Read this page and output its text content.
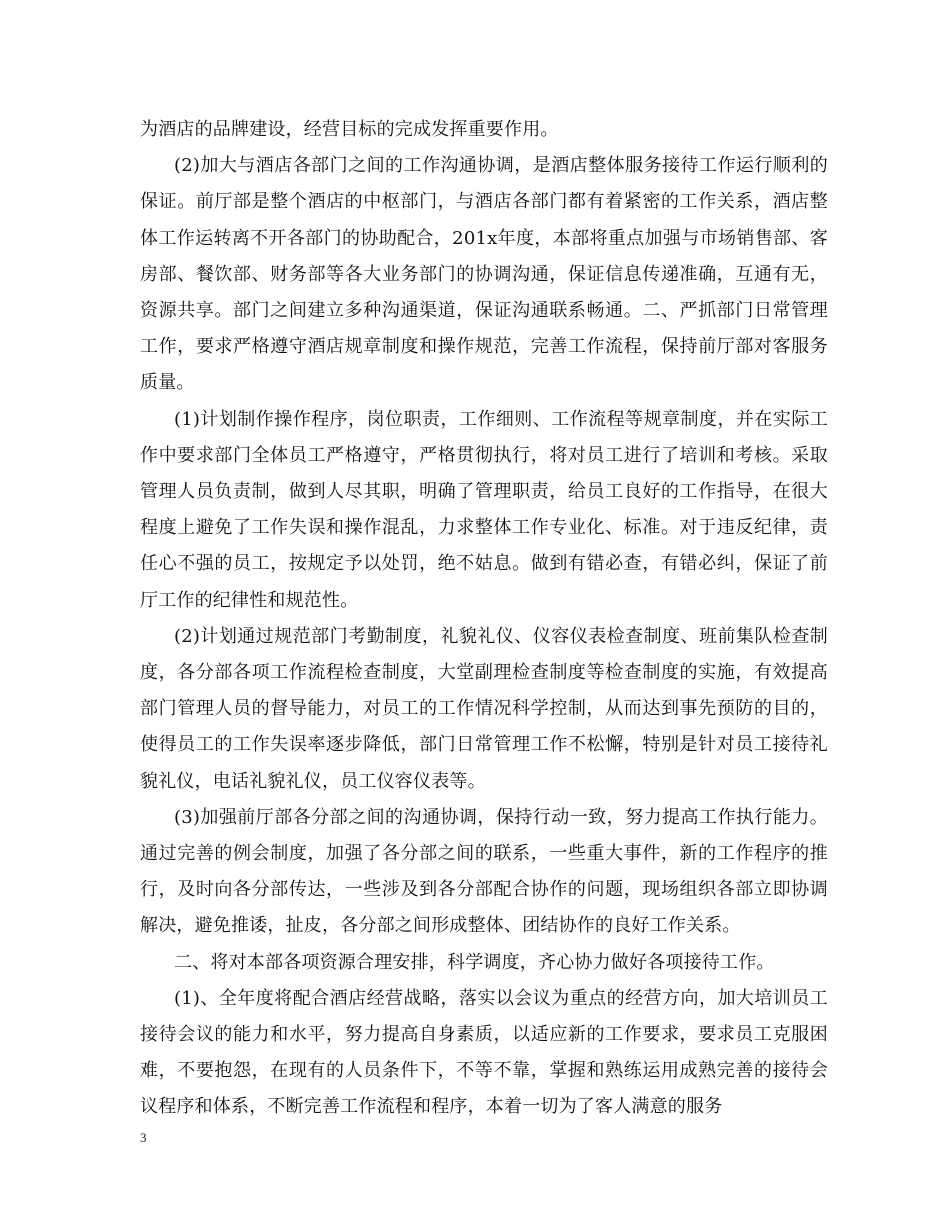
为酒店的品牌建设，经营目标的完成发挥重要作用。

(2)加大与酒店各部门之间的工作沟通协调，是酒店整体服务接待工作运行顺利的保证。前厅部是整个酒店的中枢部门，与酒店各部门都有着紧密的工作关系，酒店整体工作运转离不开各部门的协助配合，201x年度，本部将重点加强与市场销售部、客房部、餐饮部、财务部等各大业务部门的协调沟通，保证信息传递准确，互通有无，资源共享。部门之间建立多种沟通渠道，保证沟通联系畅通。二、严抓部门日常管理工作，要求严格遵守酒店规章制度和操作规范，完善工作流程，保持前厅部对客服务质量。

(1)计划制作操作程序，岗位职责，工作细则、工作流程等规章制度，并在实际工作中要求部门全体员工严格遵守，严格贯彻执行，将对员工进行了培训和考核。采取管理人员负责制，做到人尽其职，明确了管理职责，给员工良好的工作指导，在很大程度上避免了工作失误和操作混乱，力求整体工作专业化、标准。对于违反纪律，责任心不强的员工，按规定予以处罚，绝不姑息。做到有错必查，有错必纠，保证了前厅工作的纪律性和规范性。

(2)计划通过规范部门考勤制度，礼貌礼仪、仪容仪表检查制度、班前集队检查制度，各分部各项工作流程检查制度，大堂副理检查制度等检查制度的实施，有效提高部门管理人员的督导能力，对员工的工作情况科学控制，从而达到事先预防的目的，使得员工的工作失误率逐步降低，部门日常管理工作不松懈，特别是针对员工接待礼貌礼仪，电话礼貌礼仪，员工仪容仪表等。

(3)加强前厅部各分部之间的沟通协调，保持行动一致，努力提高工作执行能力。通过完善的例会制度，加强了各分部之间的联系，一些重大事件，新的工作程序的推行，及时向各分部传达，一些涉及到各分部配合协作的问题，现场组织各部立即协调解决，避免推诿，扯皮，各分部之间形成整体、团结协作的良好工作关系。

二、将对本部各项资源合理安排，科学调度，齐心协力做好各项接待工作。

(1)、全年度将配合酒店经营战略，落实以会议为重点的经营方向，加大培训员工接待会议的能力和水平，努力提高自身素质，以适应新的工作要求，要求员工克服困难，不要抱怨，在现有的人员条件下，不等不靠，掌握和熟练运用成熟完善的接待会议程序和体系，不断完善工作流程和程序，本着一切为了客人满意的服务

3
